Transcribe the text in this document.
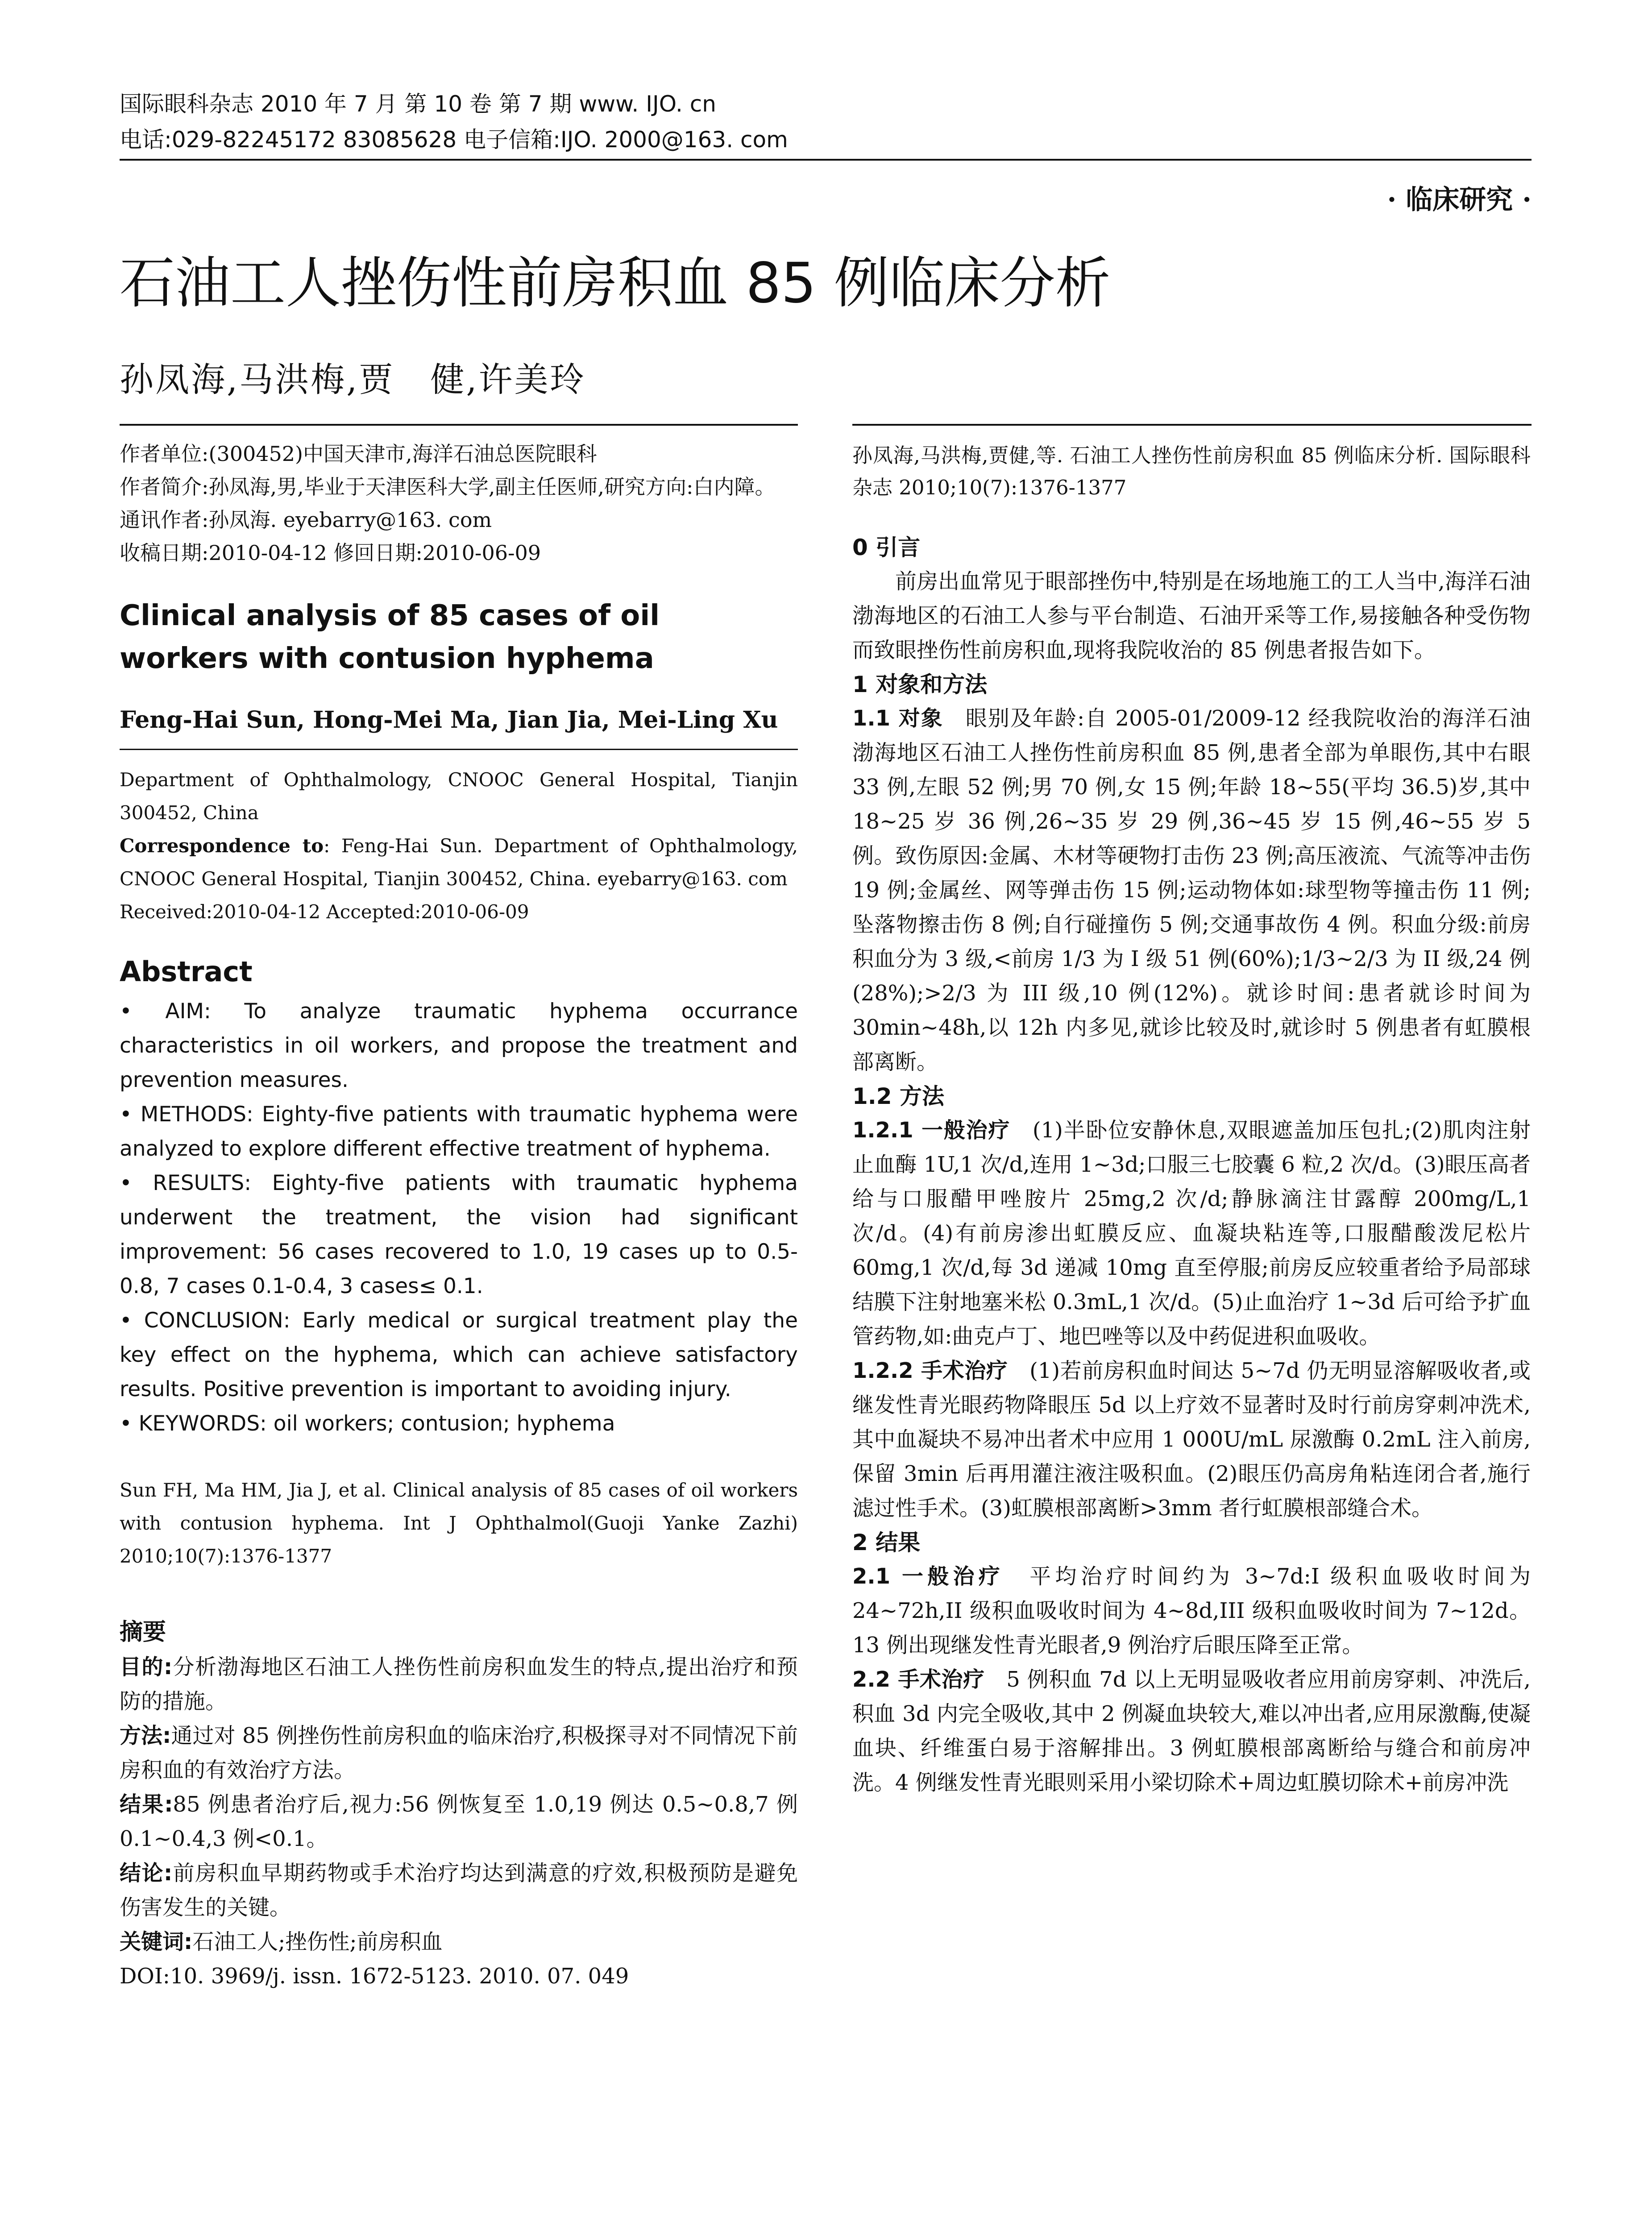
国际眼科杂志 2010 年 7 月 第 10 卷 第 7 期 www. IJO. cn
电话:029-82245172 83085628 电子信箱:IJO. 2000@163. com
· 临床研究 ·
石油工人挫伤性前房积血 85 例临床分析
孙凤海,马洪梅,贾　健,许美玲

作者单位:(300452)中国天津市,海洋石油总医院眼科

作者简介:孙凤海,男,毕业于天津医科大学,副主任医师,研究方向:白内障。

通讯作者:孙凤海. eyebarry@163. com

收稿日期:2010-04-12 修回日期:2010-06-09

Clinical analysis of 85 cases of oil workers with contusion hyphema
Feng-Hai Sun, Hong-Mei Ma, Jian Jia, Mei-Ling Xu

Department of Ophthalmology, CNOOC General Hospital, Tianjin 300452, China

Correspondence to: Feng-Hai Sun. Department of Ophthalmology, CNOOC General Hospital, Tianjin 300452, China. eyebarry@163. com

Received:2010-04-12 Accepted:2010-06-09

Abstract

• AIM: To analyze traumatic hyphema occurrance characteristics in oil workers, and propose the treatment and prevention measures.

• METHODS: Eighty-five patients with traumatic hyphema were analyzed to explore different effective treatment of hyphema.

• RESULTS: Eighty-five patients with traumatic hyphema underwent the treatment, the vision had significant improvement: 56 cases recovered to 1.0, 19 cases up to 0.5-0.8, 7 cases 0.1-0.4, 3 cases≤ 0.1.

• CONCLUSION: Early medical or surgical treatment play the key effect on the hyphema, which can achieve satisfactory results. Positive prevention is important to avoiding injury.

• KEYWORDS: oil workers; contusion; hyphema

Sun FH, Ma HM, Jia J, et al. Clinical analysis of 85 cases of oil workers with contusion hyphema. Int J Ophthalmol(Guoji Yanke Zazhi) 2010;10(7):1376-1377

摘要

目的:分析渤海地区石油工人挫伤性前房积血发生的特点,提出治疗和预防的措施。

方法:通过对 85 例挫伤性前房积血的临床治疗,积极探寻对不同情况下前房积血的有效治疗方法。

结果:85 例患者治疗后,视力:56 例恢复至 1.0,19 例达 0.5~0.8,7 例 0.1~0.4,3 例<0.1。

结论:前房积血早期药物或手术治疗均达到满意的疗效,积极预防是避免伤害发生的关键。

关键词:石油工人;挫伤性;前房积血

DOI:10. 3969/j. issn. 1672-5123. 2010. 07. 049

孙凤海,马洪梅,贾健,等. 石油工人挫伤性前房积血 85 例临床分析. 国际眼科杂志 2010;10(7):1376-1377

0 引言

前房出血常见于眼部挫伤中,特别是在场地施工的工人当中,海洋石油渤海地区的石油工人参与平台制造、石油开采等工作,易接触各种受伤物而致眼挫伤性前房积血,现将我院收治的 85 例患者报告如下。

1 对象和方法

1.1 对象　眼别及年龄:自 2005-01/2009-12 经我院收治的海洋石油渤海地区石油工人挫伤性前房积血 85 例,患者全部为单眼伤,其中右眼 33 例,左眼 52 例;男 70 例,女 15 例;年龄 18~55(平均 36.5)岁,其中 18~25 岁 36 例,26~35 岁 29 例,36~45 岁 15 例,46~55 岁 5 例。致伤原因:金属、木材等硬物打击伤 23 例;高压液流、气流等冲击伤 19 例;金属丝、网等弹击伤 15 例;运动物体如:球型物等撞击伤 11 例;坠落物擦击伤 8 例;自行碰撞伤 5 例;交通事故伤 4 例。积血分级:前房积血分为 3 级,<前房 1/3 为 I 级 51 例(60%);1/3~2/3 为 II 级,24 例(28%);>2/3 为 III 级,10 例(12%)。就诊时间:患者就诊时间为 30min~48h,以 12h 内多见,就诊比较及时,就诊时 5 例患者有虹膜根部离断。

1.2 方法

1.2.1 一般治疗　(1)半卧位安静休息,双眼遮盖加压包扎;(2)肌肉注射止血酶 1U,1 次/d,连用 1~3d;口服三七胶囊 6 粒,2 次/d。(3)眼压高者给与口服醋甲唑胺片 25mg,2 次/d;静脉滴注甘露醇 200mg/L,1 次/d。(4)有前房渗出虹膜反应、血凝块粘连等,口服醋酸泼尼松片 60mg,1 次/d,每 3d 递减 10mg 直至停服;前房反应较重者给予局部球结膜下注射地塞米松 0.3mL,1 次/d。(5)止血治疗 1~3d 后可给予扩血管药物,如:曲克卢丁、地巴唑等以及中药促进积血吸收。

1.2.2 手术治疗　(1)若前房积血时间达 5~7d 仍无明显溶解吸收者,或继发性青光眼药物降眼压 5d 以上疗效不显著时及时行前房穿刺冲洗术,其中血凝块不易冲出者术中应用 1 000U/mL 尿激酶 0.2mL 注入前房,保留 3min 后再用灌注液注吸积血。(2)眼压仍高房角粘连闭合者,施行滤过性手术。(3)虹膜根部离断>3mm 者行虹膜根部缝合术。

2 结果

2.1 一般治疗　平均治疗时间约为 3~7d:I 级积血吸收时间为 24~72h,II 级积血吸收时间为 4~8d,III 级积血吸收时间为 7~12d。13 例出现继发性青光眼者,9 例治疗后眼压降至正常。

2.2 手术治疗　5 例积血 7d 以上无明显吸收者应用前房穿刺、冲洗后,积血 3d 内完全吸收,其中 2 例凝血块较大,难以冲出者,应用尿激酶,使凝血块、纤维蛋白易于溶解排出。3 例虹膜根部离断给与缝合和前房冲洗。4 例继发性青光眼则采用小梁切除术+周边虹膜切除术+前房冲洗
